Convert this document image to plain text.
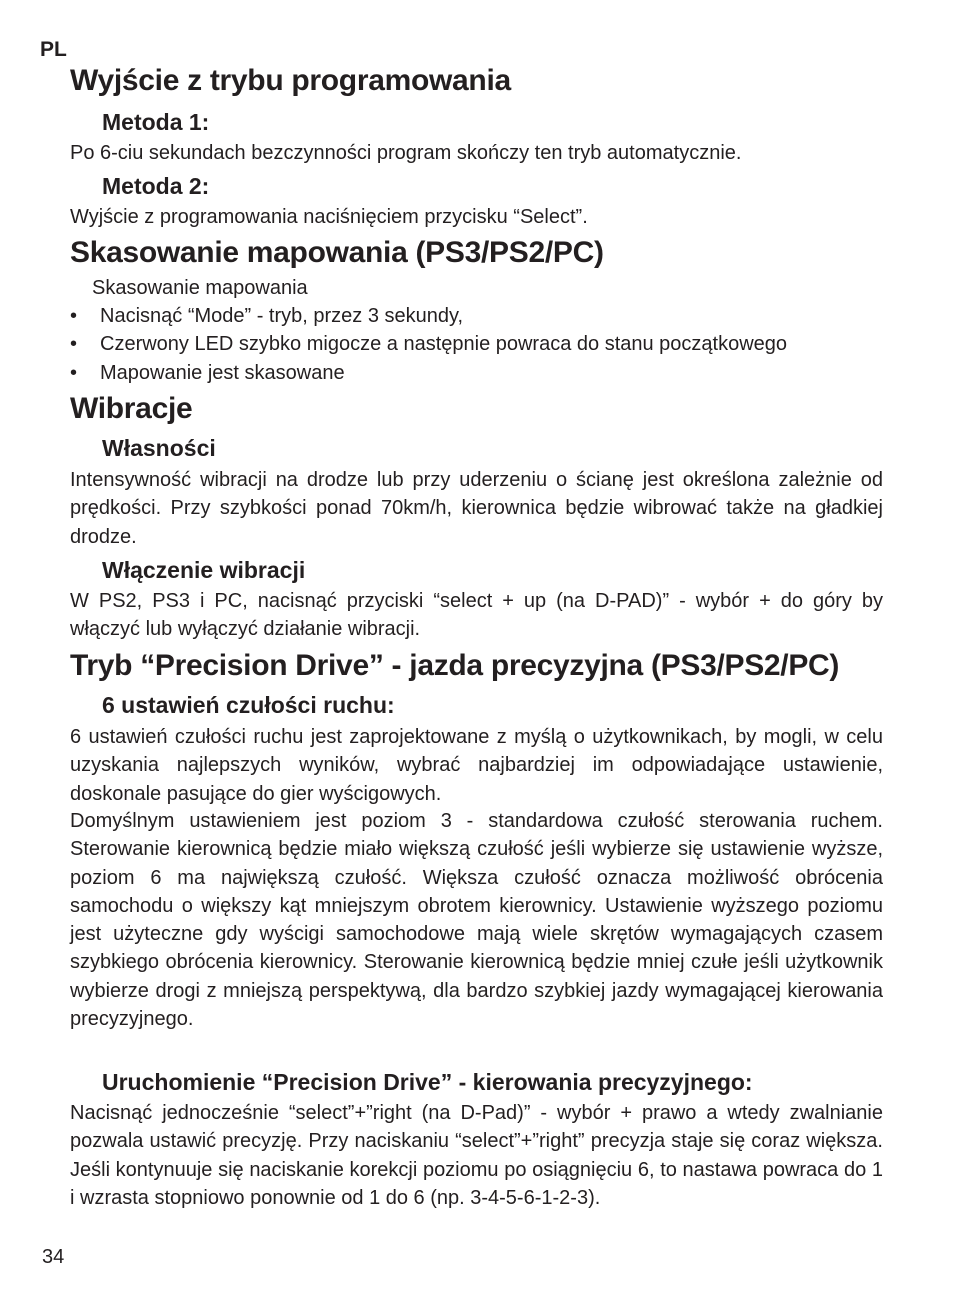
PL
Wyjście z trybu programowania
Metoda 1:

Po 6-ciu sekundach bezczynności program skończy ten tryb automatycznie.

Metoda 2:

Wyjście z programowania naciśnięciem przycisku “Select”.

Skasowanie mapowania (PS3/PS2/PC)
Skasowanie mapowania
• Nacisnąć “Mode” - tryb, przez 3 sekundy,
• Czerwony LED szybko migocze a następnie powraca do stanu początkowego
• Mapowanie jest skasowane
Wibracje
Własności

Intensywność wibracji na drodze lub przy uderzeniu o ścianę jest określona zależnie od prędkości. Przy szybkości ponad 70km/h, kierownica będzie wibrować także na gładkiej drodze.

Włączenie wibracji

W PS2, PS3 i PC, nacisnąć przyciski “select + up (na D-PAD)” - wybór + do góry by włączyć lub wyłączyć działanie wibracji.

Tryb “Precision Drive” - jazda precyzyjna (PS3/PS2/PC)
6 ustawień czułości ruchu:

6 ustawień czułości ruchu jest zaprojektowane z myślą o użytkownikach, by mogli, w celu uzyskania najlepszych wyników, wybrać najbardziej im odpowiadające ustawienie, doskonale pasujące do gier wyścigowych.

Domyślnym ustawieniem jest poziom 3 - standardowa czułość sterowania ruchem. Sterowanie kierownicą będzie miało większą czułość jeśli wybierze się ustawienie wyższe, poziom 6 ma największą czułość. Większa czułość oznacza możliwość obrócenia samochodu o większy kąt mniejszym obrotem kierownicy. Ustawienie wyższego poziomu jest użyteczne gdy wyścigi samochodowe mają wiele skrętów wymagających czasem szybkiego obrócenia kierownicy. Sterowanie kierownicą będzie mniej czułe jeśli użytkownik wybierze drogi z mniejszą perspektywą, dla bardzo szybkiej jazdy wymagającej kierowania precyzyjnego.

Uruchomienie “Precision Drive” - kierowania precyzyjnego:

Nacisnąć jednocześnie “select”+”right (na D-Pad)” - wybór + prawo a wtedy zwalnianie pozwala ustawić precyzję. Przy naciskaniu “select”+”right” precyzja staje się coraz większa. Jeśli kontynuuje się naciskanie korekcji poziomu po osiągnięciu 6, to nastawa powraca do 1 i wzrasta stopniowo ponownie od 1 do 6 (np. 3-4-5-6-1-2-3).

34
